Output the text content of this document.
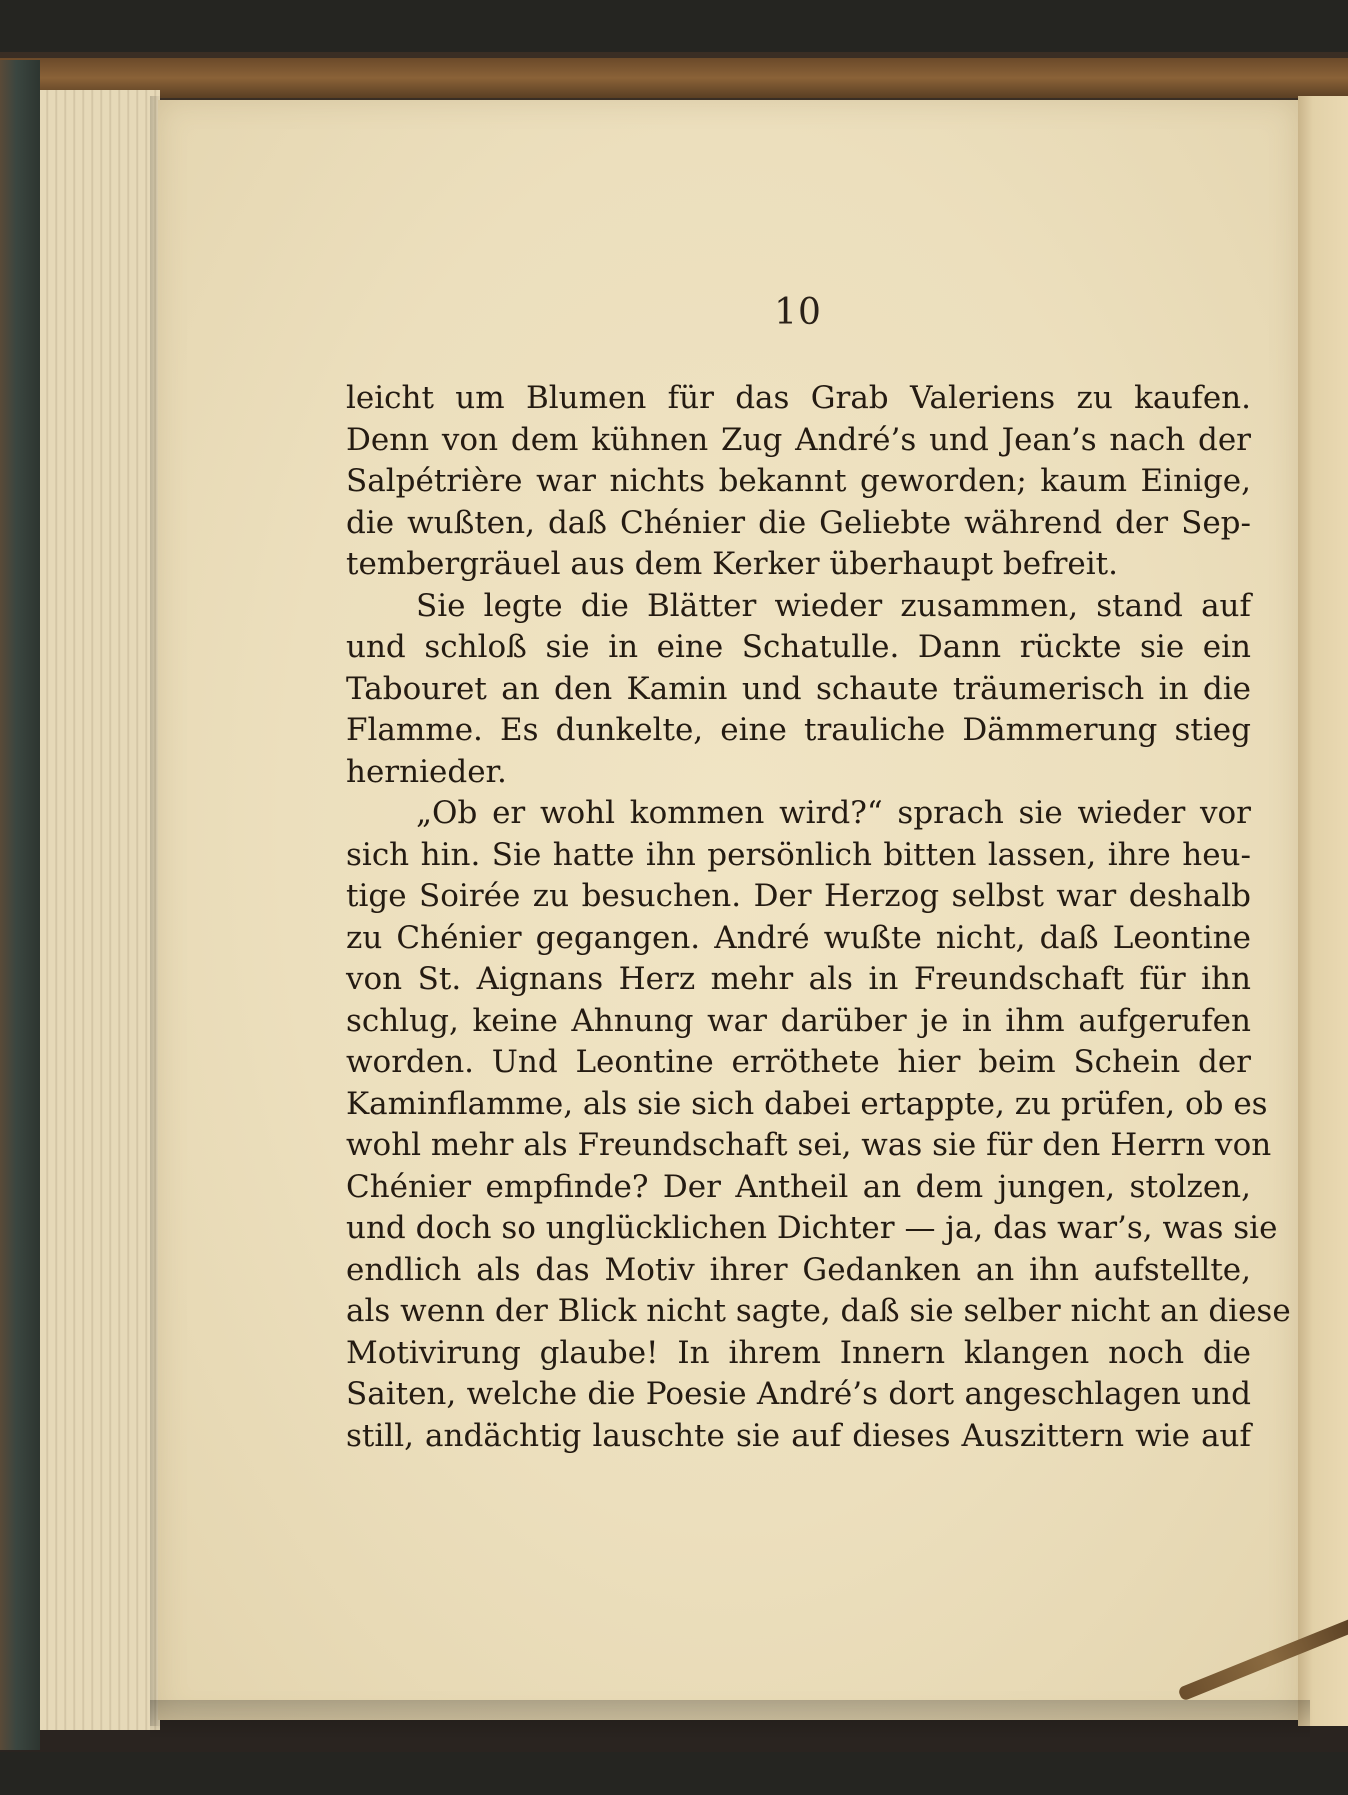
10
leicht um Blumen für das Grab Valeriens zu kaufen.
Denn von dem kühnen Zug André’s und Jean’s nach der
Salpétrière war nichts bekannt geworden; kaum Einige,
die wußten, daß Chénier die Geliebte während der Sep-
tembergräuel aus dem Kerker überhaupt befreit.
Sie legte die Blätter wieder zusammen, stand auf
und schloß sie in eine Schatulle. Dann rückte sie ein
Tabouret an den Kamin und schaute träumerisch in die
Flamme. Es dunkelte, eine trauliche Dämmerung stieg
hernieder.
„Ob er wohl kommen wird?“ sprach sie wieder vor
sich hin. Sie hatte ihn persönlich bitten lassen, ihre heu-
tige Soirée zu besuchen. Der Herzog selbst war deshalb
zu Chénier gegangen. André wußte nicht, daß Leontine
von St. Aignans Herz mehr als in Freundschaft für ihn
schlug, keine Ahnung war darüber je in ihm aufgerufen
worden. Und Leontine erröthete hier beim Schein der
Kaminflamme, als sie sich dabei ertappte, zu prüfen, ob es
wohl mehr als Freundschaft sei, was sie für den Herrn von
Chénier empfinde? Der Antheil an dem jungen, stolzen,
und doch so unglücklichen Dichter — ja, das war’s, was sie
endlich als das Motiv ihrer Gedanken an ihn aufstellte,
als wenn der Blick nicht sagte, daß sie selber nicht an diese
Motivirung glaube! In ihrem Innern klangen noch die
Saiten, welche die Poesie André’s dort angeschlagen und
still, andächtig lauschte sie auf dieses Auszittern wie auf
